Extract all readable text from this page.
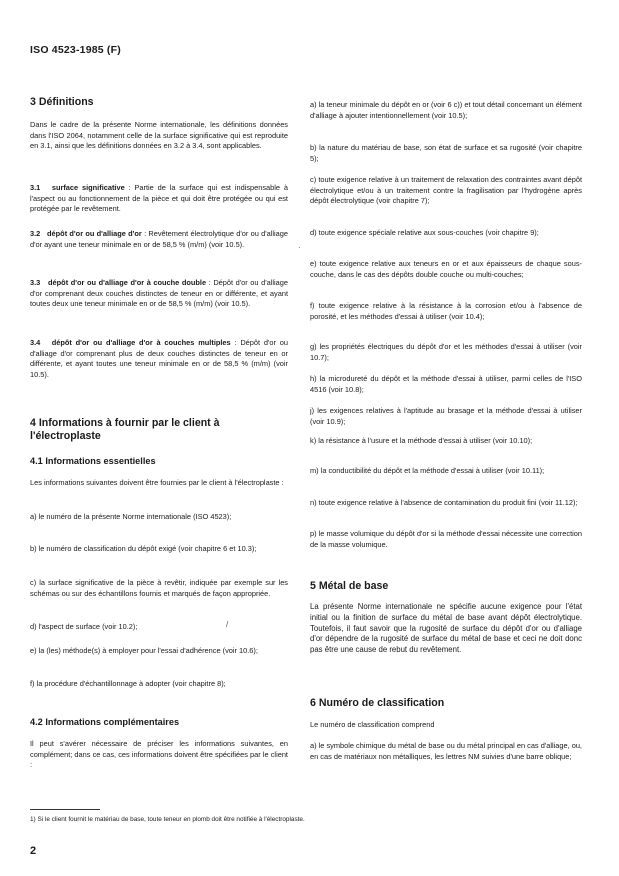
ISO 4523-1985 (F)

3 Définitions

Dans le cadre de la présente Norme internationale, les définitions données dans l'ISO 2064, notamment celle de la surface significative qui est reproduite en 3.1, ainsi que les définitions données en 3.2 à 3.4, sont applicables.

3.1 surface significative : Partie de la surface qui est indispensable à l'aspect ou au fonctionnement de la pièce et qui doit être protégée ou qui est protégée par le revêtement.

3.2 dépôt d'or ou d'alliage d'or : Revêtement électrolytique d'or ou d'alliage d'or ayant une teneur minimale en or de 58,5 % (m/m) (voir 10.5).

3.3 dépôt d'or ou d'alliage d'or à couche double : Dépôt d'or ou d'alliage d'or comprenant deux couches distinctes de teneur en or différente, et ayant toutes deux une teneur minimale en or de 58,5 % (m/m) (voir 10.5).

3.4 dépôt d'or ou d'alliage d'or à couches multiples : Dépôt d'or ou d'alliage d'or comprenant plus de deux couches distinctes de teneur en or différente, et ayant toutes une teneur minimale en or de 58,5 % (m/m) (voir 10.5).

4 Informations à fournir par le client à l'électroplaste

4.1 Informations essentielles

Les informations suivantes doivent être fournies par le client à l'électroplaste :

a) le numéro de la présente Norme internationale (ISO 4523);

b) le numéro de classification du dépôt exigé (voir chapitre 6 et 10.3);

c) la surface significative de la pièce à revêtir, indiquée par exemple sur les schémas ou sur des échantillons fournis et marqués de façon appropriée.

d) l'aspect de surface (voir 10.2);

e) la (les) méthode(s) à employer pour l'essai d'adhérence (voir 10.6);

f) la procédure d'échantillonnage à adopter (voir chapitre 8);

4.2 Informations complémentaires

Il peut s'avérer nécessaire de préciser les informations suivantes, en complément; dans ce cas, ces informations doivent être spécifiées par le client :

a) la teneur minimale du dépôt en or (voir 6 c)) et tout détail concernant un élément d'alliage à ajouter intentionnellement (voir 10.5);

b) la nature du matériau de base, son état de surface et sa rugosité (voir chapitre 5);

c) toute exigence relative à un traitement de relaxation des contraintes avant dépôt électrolytique et/ou à un traitement contre la fragilisation par l'hydrogène après dépôt électrolytique (voir chapitre 7);

d) toute exigence spéciale relative aux sous-couches (voir chapitre 9);

e) toute exigence relative aux teneurs en or et aux épaisseurs de chaque sous-couche, dans le cas des dépôts double couche ou multi-couches;

f) toute exigence relative à la résistance à la corrosion et/ou à l'absence de porosité, et les méthodes d'essai à utiliser (voir 10.4);

g) les propriétés électriques du dépôt d'or et les méthodes d'essai à utiliser (voir 10.7);

h) la microdureté du dépôt et la méthode d'essai à utiliser, parmi celles de l'ISO 4516 (voir 10.8);

j) les exigences relatives à l'aptitude au brasage et la méthode d'essai à utiliser (voir 10.9);

k) la résistance à l'usure et la méthode d'essai à utiliser (voir 10.10);

m) la conductibilité du dépôt et la méthode d'essai à utiliser (voir 10.11);

n) toute exigence relative à l'absence de contamination du produit fini (voir 11.12);

p) le masse volumique du dépôt d'or si la méthode d'essai nécessite une correction de la masse volumique.

5 Métal de base

La présente Norme internationale ne spécifie aucune exigence pour l'état initial ou la finition de surface du métal de base avant dépôt électrolytique. Toutefois, il faut savoir que la rugosité de surface du dépôt d'or ou d'alliage d'or dépendre de la rugosité de surface du métal de base et ceci ne doit donc pas être une cause de rebut du revêtement.

6 Numéro de classification

Le numéro de classification comprend

a) le symbole chimique du métal de base ou du métal principal en cas d'alliage, ou, en cas de matériaux non métalliques, les lettres NM suivies d'une barre oblique;

/
·
1) Si le client fournit le matériau de base, toute teneur en plomb doit être notifiée à l'électroplaste.
2
